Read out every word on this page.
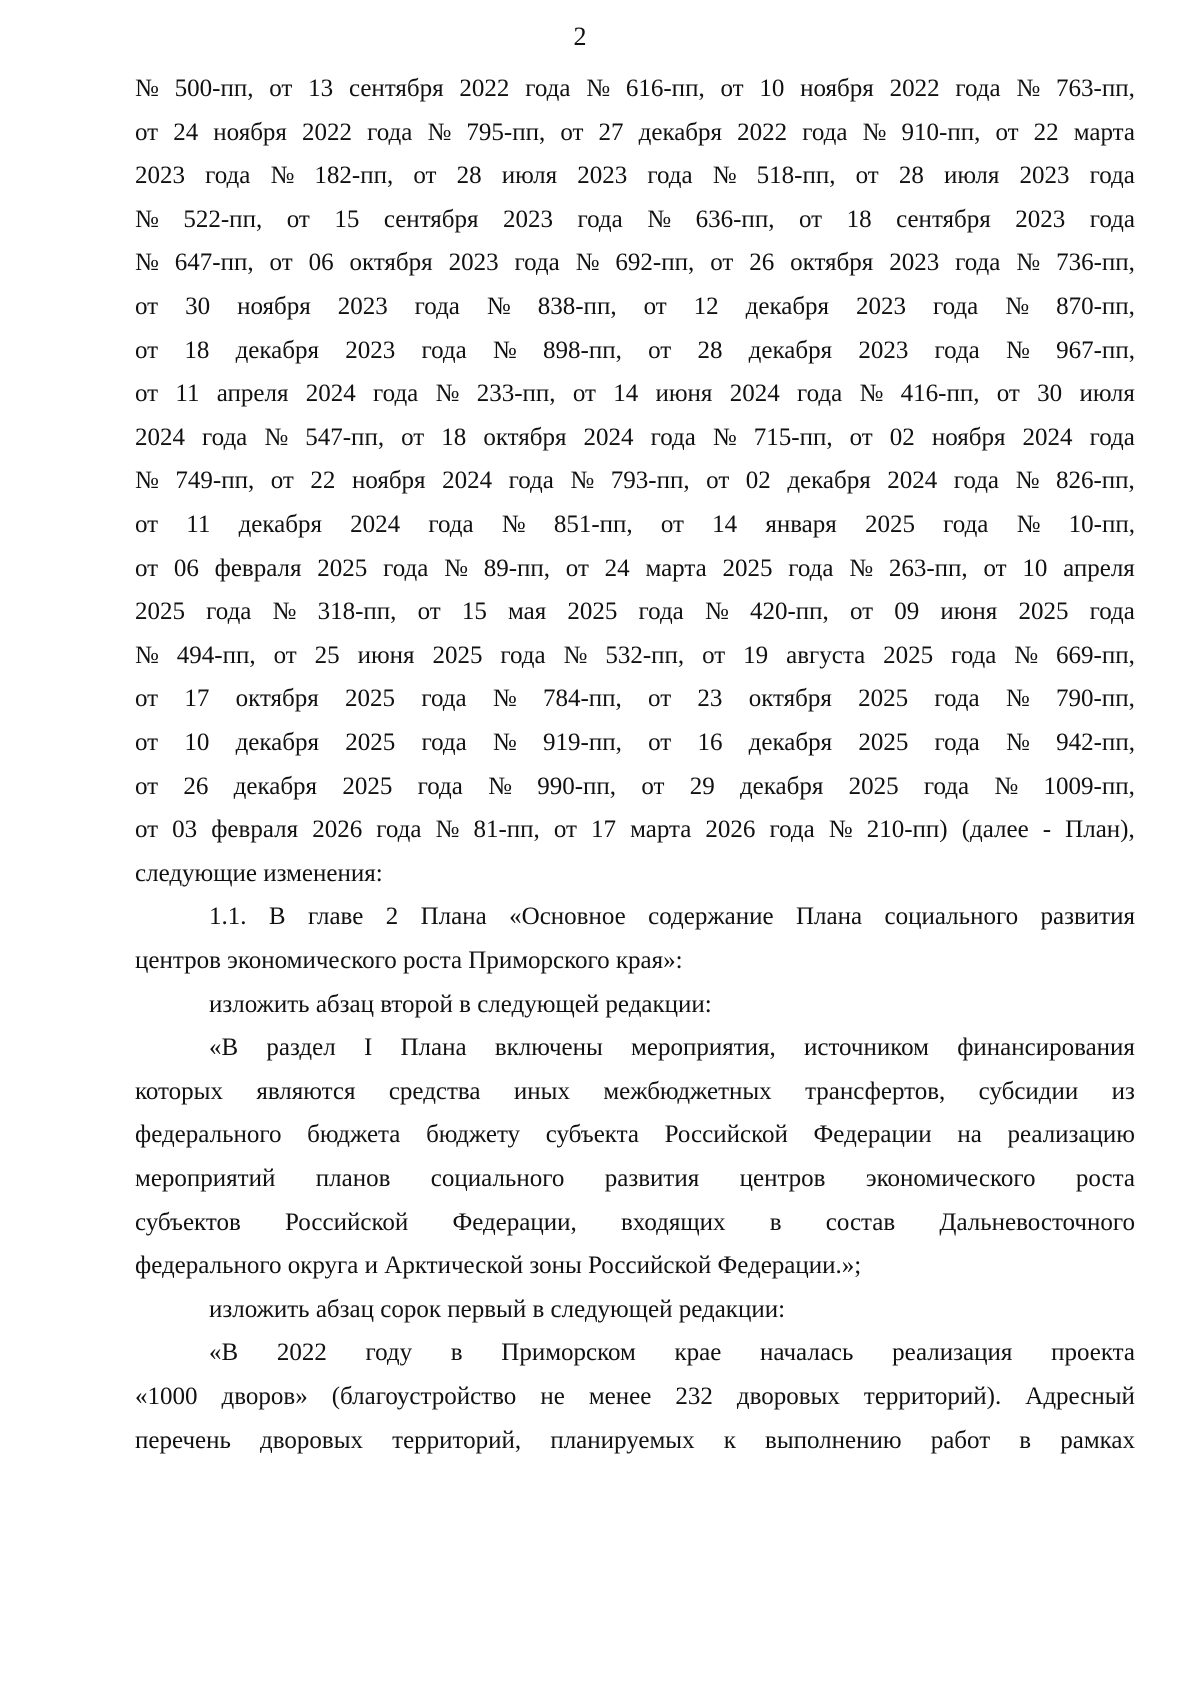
2
№ 500-пп, от 13 сентября 2022 года № 616-пп, от 10 ноября 2022 года № 763-пп,
от 24 ноября 2022 года № 795-пп, от 27 декабря 2022 года № 910-пп, от 22 марта
2023 года № 182-пп, от 28 июля 2023 года № 518-пп, от 28 июля 2023 года
№ 522-пп, от 15 сентября 2023 года № 636-пп, от 18 сентября 2023 года
№ 647-пп, от 06 октября 2023 года № 692-пп, от 26 октября 2023 года № 736-пп,
от 30 ноября 2023 года № 838-пп, от 12 декабря 2023 года № 870-пп,
от 18 декабря 2023 года № 898-пп, от 28 декабря 2023 года № 967-пп,
от 11 апреля 2024 года № 233-пп, от 14 июня 2024 года № 416-пп, от 30 июля
2024 года № 547-пп, от 18 октября 2024 года № 715-пп, от 02 ноября 2024 года
№ 749-пп, от 22 ноября 2024 года № 793-пп, от 02 декабря 2024 года № 826-пп,
от 11 декабря 2024 года № 851-пп, от 14 января 2025 года № 10-пп,
от 06 февраля 2025 года № 89-пп, от 24 марта 2025 года № 263-пп, от 10 апреля
2025 года № 318-пп, от 15 мая 2025 года № 420-пп, от 09 июня 2025 года
№ 494-пп, от 25 июня 2025 года № 532-пп, от 19 августа 2025 года № 669-пп,
от 17 октября 2025 года № 784-пп, от 23 октября 2025 года № 790-пп,
от 10 декабря 2025 года № 919-пп, от 16 декабря 2025 года № 942-пп,
от 26 декабря 2025 года № 990-пп, от 29 декабря 2025 года № 1009-пп,
от 03 февраля 2026 года № 81-пп, от 17 марта 2026 года № 210-пп) (далее - План),
следующие изменения:
1.1. В главе 2 Плана «Основное содержание Плана социального развития
центров экономического роста Приморского края»:
изложить абзац второй в следующей редакции:
«В раздел I Плана включены мероприятия, источником финансирования
которых являются средства иных межбюджетных трансфертов, субсидии из
федерального бюджета бюджету субъекта Российской Федерации на реализацию
мероприятий планов социального развития центров экономического роста
субъектов Российской Федерации, входящих в состав Дальневосточного
федерального округа и Арктической зоны Российской Федерации.»;
изложить абзац сорок первый в следующей редакции:
«В 2022 году в Приморском крае началась реализация проекта
«1000 дворов» (благоустройство не менее 232 дворовых территорий). Адресный
перечень дворовых территорий, планируемых к выполнению работ в рамках
